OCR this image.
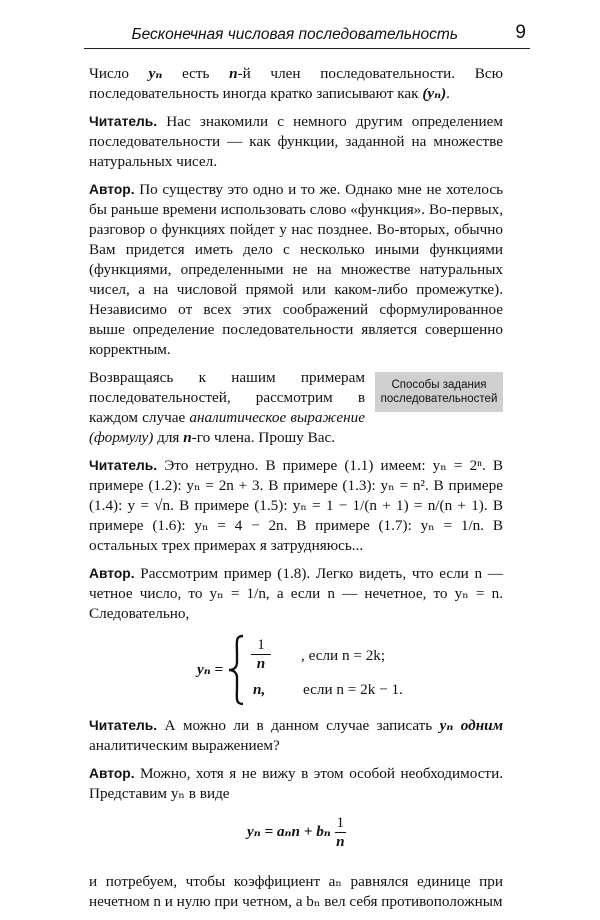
Бесконечная числовая последовательность	9

Число yₙ есть n-й член последовательности. Всю последовательность иногда кратко записывают как (yₙ).

Читатель. Нас знакомили с немного другим определением последовательности — как функции, заданной на множестве натуральных чисел.

Автор. По существу это одно и то же. Однако мне не хотелось бы раньше времени использовать слово «функция». Во-первых, разговор о функциях пойдет у нас позднее. Во-вторых, обычно Вам придется иметь дело с несколько иными функциями (функциями, определенными не на множестве натуральных чисел, а на числовой прямой или каком-либо промежутке). Независимо от всех этих соображений сформулированное выше определение последовательности является совершенно корректным.

Способы задания
последовательностей

Возвращаясь к нашим примерам последовательностей, рассмотрим в каждом случае аналитическое выражение (формулу) для n-го члена. Прошу Вас.

Читатель. Это нетрудно. В примере (1.1) имеем: yₙ = 2ⁿ. В примере (1.2): yₙ = 2n + 3. В примере (1.3): yₙ = n². В примере (1.4): y = √n. В примере (1.5): yₙ = 1 − 1/(n + 1) = n/(n + 1). В примере (1.6): yₙ = 4 − 2n. В примере (1.7): yₙ = 1/n. В остальных трех примерах я затрудняюсь...

Автор. Рассмотрим пример (1.8). Легко видеть, что если n — четное число, то yₙ = 1/n, а если n — нечетное, то yₙ = n. Следовательно,

$y_n = \frac{1}{n}$ , если n = 2k;
n, если n = 2k − 1.

Читатель. А можно ли в данном случае записать yₙ одним аналитическим выражением?

Автор. Можно, хотя я не вижу в этом особой необходимости. Представим yₙ в виде

yₙ = aₙn + bₙ $\frac{1}{n}$

и потребуем, чтобы коэффициент aₙ равнялся единице при нечетном n и нулю при четном, а bₙ вел себя противоположным
